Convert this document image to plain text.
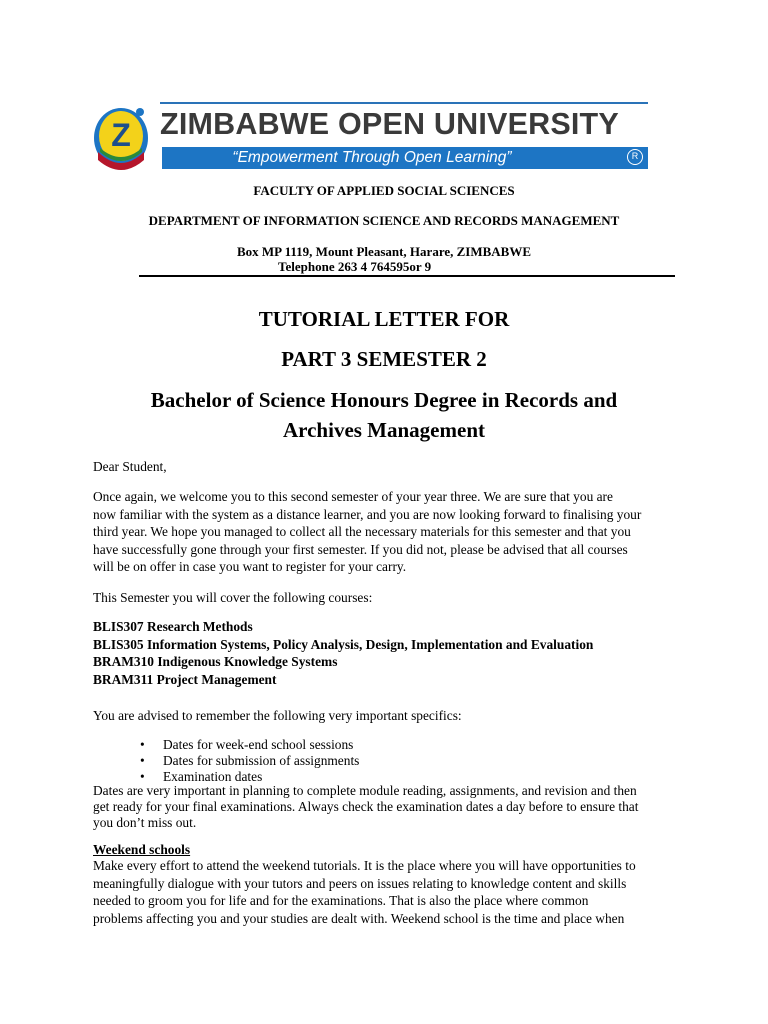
Z ZIMBABWE OPEN UNIVERSITY
“Empowerment Through Open Learning”	R
FACULTY OF APPLIED SOCIAL SCIENCES
DEPARTMENT OF INFORMATION SCIENCE AND RECORDS MANAGEMENT
Box MP 1119, Mount Pleasant, Harare, ZIMBABWE
Telephone 263 4 764595or 9
TUTORIAL LETTER FOR
PART 3 SEMESTER 2
Bachelor of Science Honours Degree in Records and
Archives Management
Dear Student,
Once again, we welcome you to this second semester of your year three. We are sure that you are
now familiar with the system as a distance learner, and you are now looking forward to finalising your
third year. We hope you managed to collect all the necessary materials for this semester and that you
have successfully gone through your first semester. If you did not, please be advised that all courses
will be on offer in case you want to register for your carry.
This Semester you will cover the following courses:
BLIS307 Research Methods
BLIS305 Information Systems, Policy Analysis, Design, Implementation and Evaluation
BRAM310 Indigenous Knowledge Systems
BRAM311 Project Management
You are advised to remember the following very important specifics:
•	Dates for week-end school sessions
•	Dates for submission of assignments
•	Examination dates
Dates are very important in planning to complete module reading, assignments, and revision and then
get ready for your final examinations. Always check the examination dates a day before to ensure that
you don’t miss out.
Weekend schools
Make every effort to attend the weekend tutorials. It is the place where you will have opportunities to
meaningfully dialogue with your tutors and peers on issues relating to knowledge content and skills
needed to groom you for life and for the examinations. That is also the place where common
problems affecting you and your studies are dealt with. Weekend school is the time and place when
